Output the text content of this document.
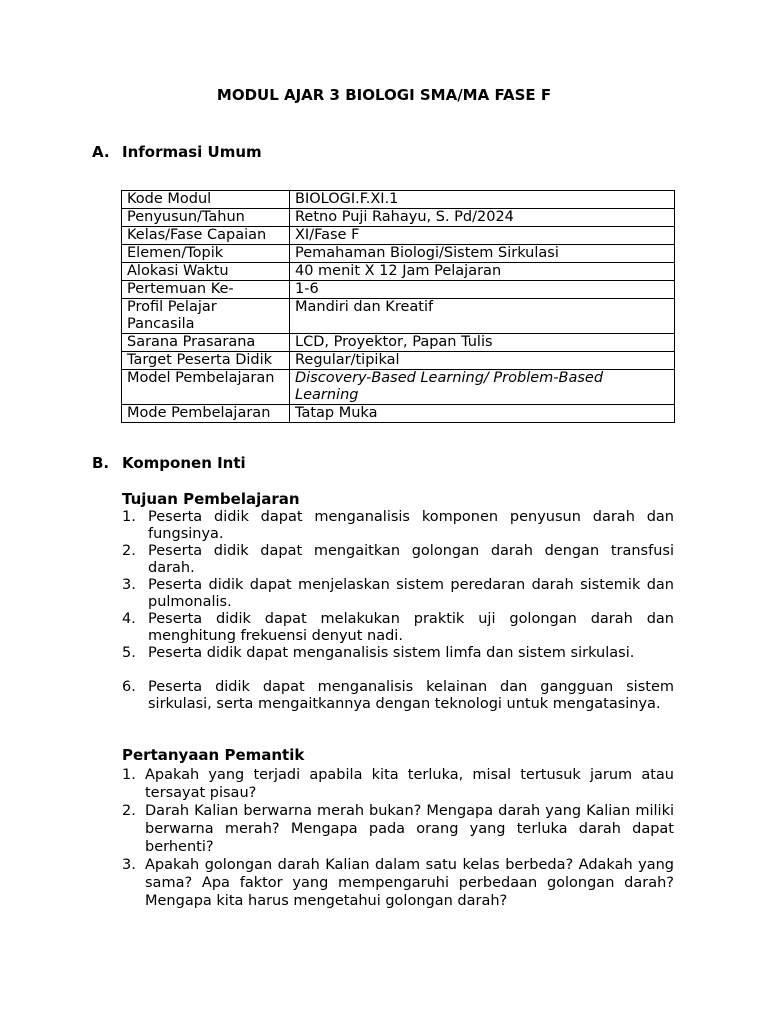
MODUL AJAR 3 BIOLOGI SMA/MA FASE F
A. Informasi Umum
Kode Modul	BIOLOGI.F.XI.1
Penyusun/Tahun	Retno Puji Rahayu, S. Pd/2024
Kelas/Fase Capaian	XI/Fase F
Elemen/Topik	Pemahaman Biologi/Sistem Sirkulasi
Alokasi Waktu	40 menit X 12 Jam Pelajaran
Pertemuan Ke-	1-6
Profil Pelajar Pancasila	Mandiri dan Kreatif
Sarana Prasarana	LCD, Proyektor, Papan Tulis
Target Peserta Didik	Regular/tipikal
Model Pembelajaran	Discovery-Based Learning/ Problem-Based Learning
Mode Pembelajaran	Tatap Muka
B. Komponen Inti
Tujuan Pembelajaran
1. Peserta didik dapat menganalisis komponen penyusun darah dan fungsinya.
2. Peserta didik dapat mengaitkan golongan darah dengan transfusi darah.
3. Peserta didik dapat menjelaskan sistem peredaran darah sistemik dan pulmonalis.
4. Peserta didik dapat melakukan praktik uji golongan darah dan menghitung frekuensi denyut nadi.
5. Peserta didik dapat menganalisis sistem limfa dan sistem sirkulasi.
6. Peserta didik dapat menganalisis kelainan dan gangguan sistem sirkulasi, serta mengaitkannya dengan teknologi untuk mengatasinya.
Pertanyaan Pemantik
1. Apakah yang terjadi apabila kita terluka, misal tertusuk jarum atau tersayat pisau?
2. Darah Kalian berwarna merah bukan? Mengapa darah yang Kalian miliki berwarna merah? Mengapa pada orang yang terluka darah dapat berhenti?
3. Apakah golongan darah Kalian dalam satu kelas berbeda? Adakah yang sama? Apa faktor yang mempengaruhi perbedaan golongan darah? Mengapa kita harus mengetahui golongan darah?
